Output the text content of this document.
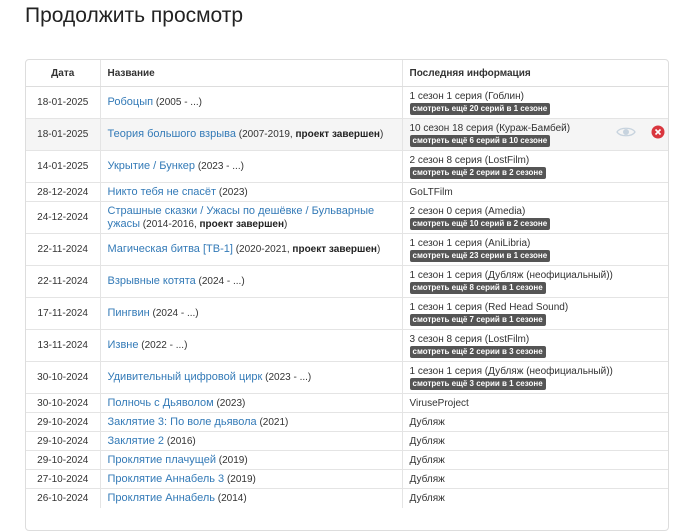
Продолжить просмотр
Дата	Название	Последняя информация
18-01-2025	Робоцып (2005 - ...)	1 сезон 1 серия (Гоблин)
смотреть ещё 20 серий в 1 сезоне
18-01-2025	Теория большого взрыва (2007-2019, проект завершен)	10 сезон 18 серия (Кураж-Бамбей)
смотреть ещё 6 серий в 10 сезоне
14-01-2025	Укрытие / Бункер (2023 - ...)	2 сезон 8 серия (LostFilm)
смотреть ещё 2 серии в 2 сезоне
28-12-2024	Никто тебя не спасёт (2023)	GoLTFilm

24-12-2024	Страшные сказки / Ужасы по дешёвке / Бульварные
ужасы (2014-2016, проект завершен)	2 сезон 0 серия (Amedia)
смотреть ещё 10 серий в 2 сезоне
22-11-2024	Магическая битва [ТВ-1] (2020-2021, проект завершен)	1 сезон 1 серия (AniLibria)
смотреть ещё 23 серии в 1 сезоне
22-11-2024	Взрывные котята (2024 - ...)	1 сезон 1 серия (Дубляж (неофициальный))
смотреть ещё 8 серий в 1 сезоне
17-11-2024	Пингвин (2024 - ...)	1 сезон 1 серия (Red Head Sound)
смотреть ещё 7 серий в 1 сезоне
13-11-2024	Извне (2022 - ...)	3 сезон 8 серия (LostFilm)
смотреть ещё 2 серии в 3 сезоне
30-10-2024	Удивительный цифровой цирк (2023 - ...)	1 сезон 1 серия (Дубляж (неофициальный))
смотреть ещё 3 серии в 1 сезоне
30-10-2024	Полночь с Дьяволом (2023)	ViruseProject

29-10-2024	Заклятие 3: По воле дьявола (2021)	Дубляж

29-10-2024	Заклятие 2 (2016)	Дубляж

29-10-2024	Проклятие плачущей (2019)	Дубляж

27-10-2024	Проклятие Аннабель 3 (2019)	Дубляж

26-10-2024	Проклятие Аннабель (2014)	Дубляж
